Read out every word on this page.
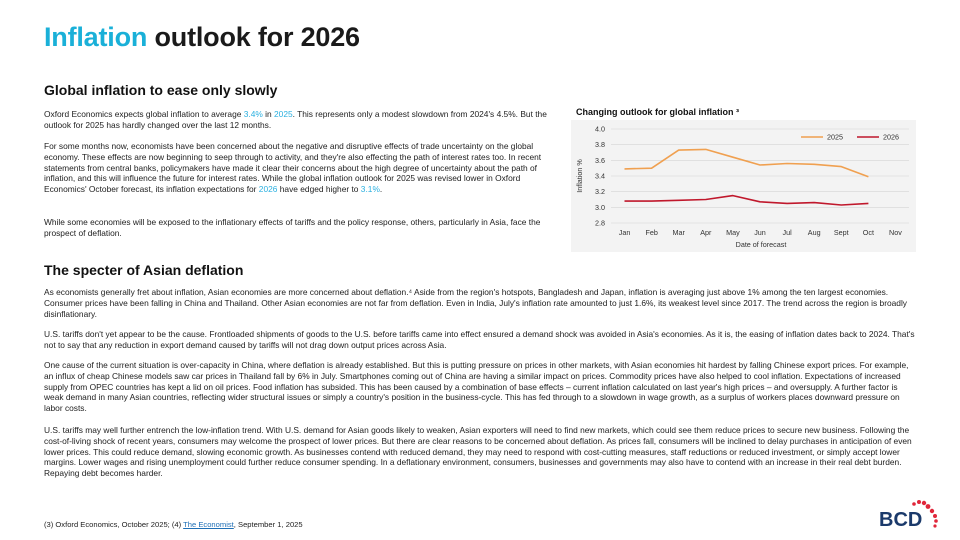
Inflation outlook for 2026
Global inflation to ease only slowly

Oxford Economics expects global inflation to average 3.4% in 2025. This represents only a modest slowdown from 2024's 4.5%. But the outlook for 2025 has hardly changed over the last 12 months.

For some months now, economists have been concerned about the negative and disruptive effects of trade uncertainty on the global economy. These effects are now beginning to seep through to activity, and they're also effecting the path of interest rates too. In recent statements from central banks, policymakers have made it clear their concerns about the high degree of uncertainty about the path of inflation, and this will influence the future for interest rates. While the global inflation outlook for 2025 was revised lower in Oxford Economics' October forecast, its inflation expectations for 2026 have edged higher to 3.1%.

While some economies will be exposed to the inflationary effects of tariffs and the policy response, others, particularly in Asia, face the prospect of deflation.

Changing outlook for global inflation ³
2.8
3.0
3.2
3.4
3.6
3.8
4.0
Jan Feb Mar Apr May Jun Jul Aug Sept Oct Nov
Date of forecast
Inflation %
2025	2026
The specter of Asian deflation

As economists generally fret about inflation, Asian economies are more concerned about deflation.⁴ Aside from the region's hotspots, Bangladesh and Japan, inflation is averaging just above 1% among the ten largest economies. Consumer prices have been falling in China and Thailand. Other Asian economies are not far from deflation. Even in India, July's inflation rate amounted to just 1.6%, its weakest level since 2017. The trend across the region is broadly disinflationary.

U.S. tariffs don't yet appear to be the cause. Frontloaded shipments of goods to the U.S. before tariffs came into effect ensured a demand shock was avoided in Asia's economies. As it is, the easing of inflation dates back to 2024. That's not to say that any reduction in export demand caused by tariffs will not drag down output prices across Asia.

One cause of the current situation is over-capacity in China, where deflation is already established. But this is putting pressure on prices in other markets, with Asian economies hit hardest by falling Chinese export prices. For example, an influx of cheap Chinese models saw car prices in Thailand fall by 6% in July. Smartphones coming out of China are having a similar impact on prices. Commodity prices have also helped to cool inflation. Expectations of increased supply from OPEC countries has kept a lid on oil prices. Food inflation has subsided. This has been caused by a combination of base effects – current inflation calculated on last year's high prices – and oversupply. A further factor is weak demand in many Asian countries, reflecting wider structural issues or simply a country's position in the business-cycle. This has fed through to a slowdown in wage growth, as a surplus of workers places downward pressure on labor costs.

U.S. tariffs may well further entrench the low-inflation trend. With U.S. demand for Asian goods likely to weaken, Asian exporters will need to find new markets, which could see them reduce prices to secure new business. Following the cost-of-living shock of recent years, consumers may welcome the prospect of lower prices. But there are clear reasons to be concerned about deflation. As prices fall, consumers will be inclined to delay purchases in anticipation of even lower prices. This could reduce demand, slowing economic growth. As businesses contend with reduced demand, they may need to respond with cost-cutting measures, staff reductions or reduced investment, or simply accept lower margins. Lower wages and rising unemployment could further reduce consumer spending. In a deflationary environment, consumers, businesses and governments may also have to contend with an increase in their real debt burden. Repaying debt becomes harder.

(3) Oxford Economics, October 2025; (4) The Economist, September 1, 2025	BCD
